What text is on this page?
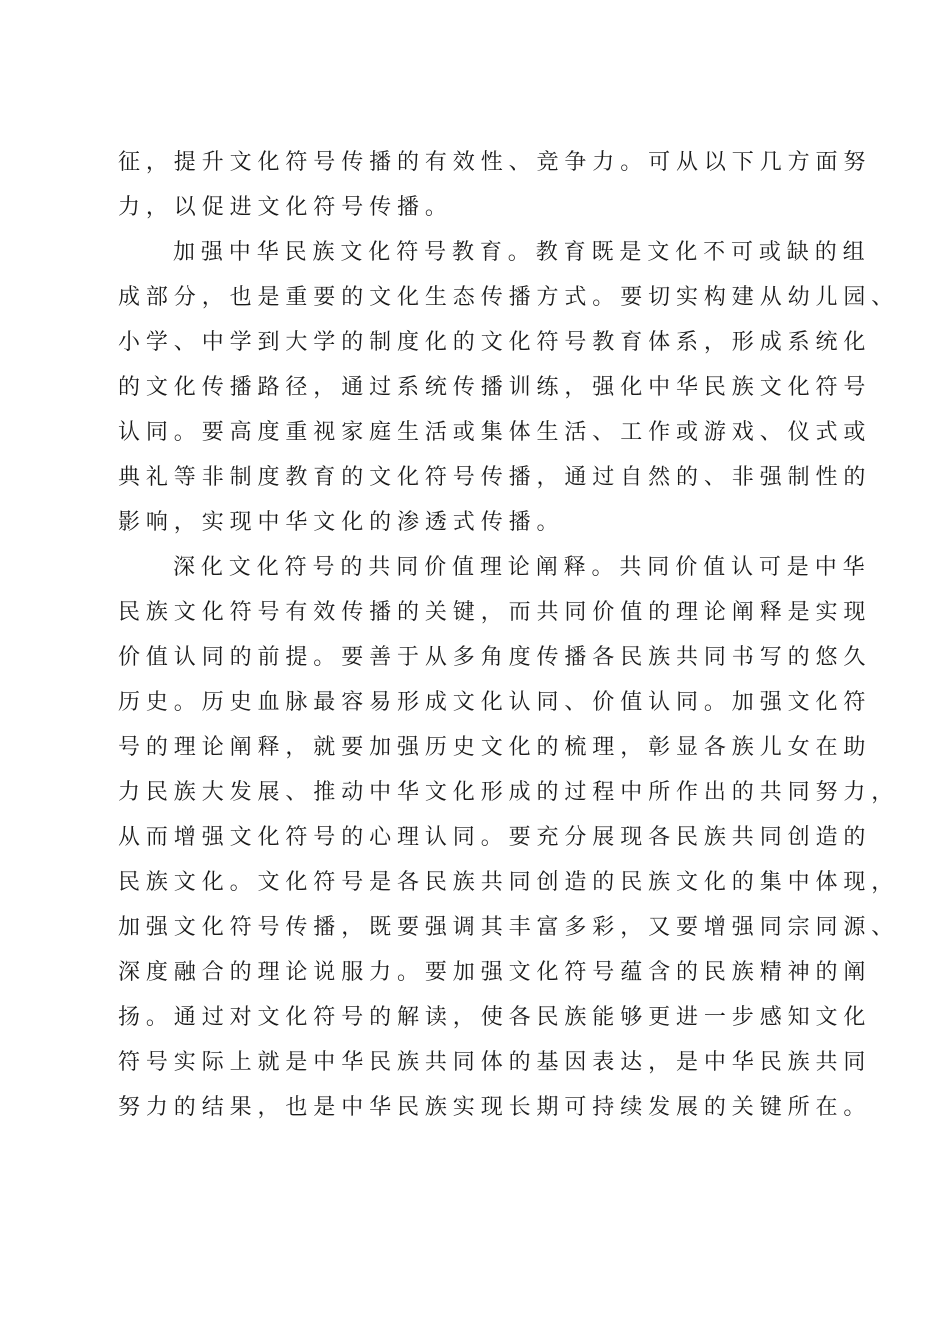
征，提升文化符号传播的有效性、竞争力。可从以下几方面努
力，以促进文化符号传播。
加强中华民族文化符号教育。教育既是文化不可或缺的组
成部分，也是重要的文化生态传播方式。要切实构建从幼儿园、
小学、中学到大学的制度化的文化符号教育体系，形成系统化
的文化传播路径，通过系统传播训练，强化中华民族文化符号
认同。要高度重视家庭生活或集体生活、工作或游戏、仪式或
典礼等非制度教育的文化符号传播，通过自然的、非强制性的
影响，实现中华文化的渗透式传播。
深化文化符号的共同价值理论阐释。共同价值认可是中华
民族文化符号有效传播的关键，而共同价值的理论阐释是实现
价值认同的前提。要善于从多角度传播各民族共同书写的悠久
历史。历史血脉最容易形成文化认同、价值认同。加强文化符
号的理论阐释，就要加强历史文化的梳理，彰显各族儿女在助
力民族大发展、推动中华文化形成的过程中所作出的共同努力，
从而增强文化符号的心理认同。要充分展现各民族共同创造的
民族文化。文化符号是各民族共同创造的民族文化的集中体现，
加强文化符号传播，既要强调其丰富多彩，又要增强同宗同源、
深度融合的理论说服力。要加强文化符号蕴含的民族精神的阐
扬。通过对文化符号的解读，使各民族能够更进一步感知文化
符号实际上就是中华民族共同体的基因表达，是中华民族共同
努力的结果，也是中华民族实现长期可持续发展的关键所在。
